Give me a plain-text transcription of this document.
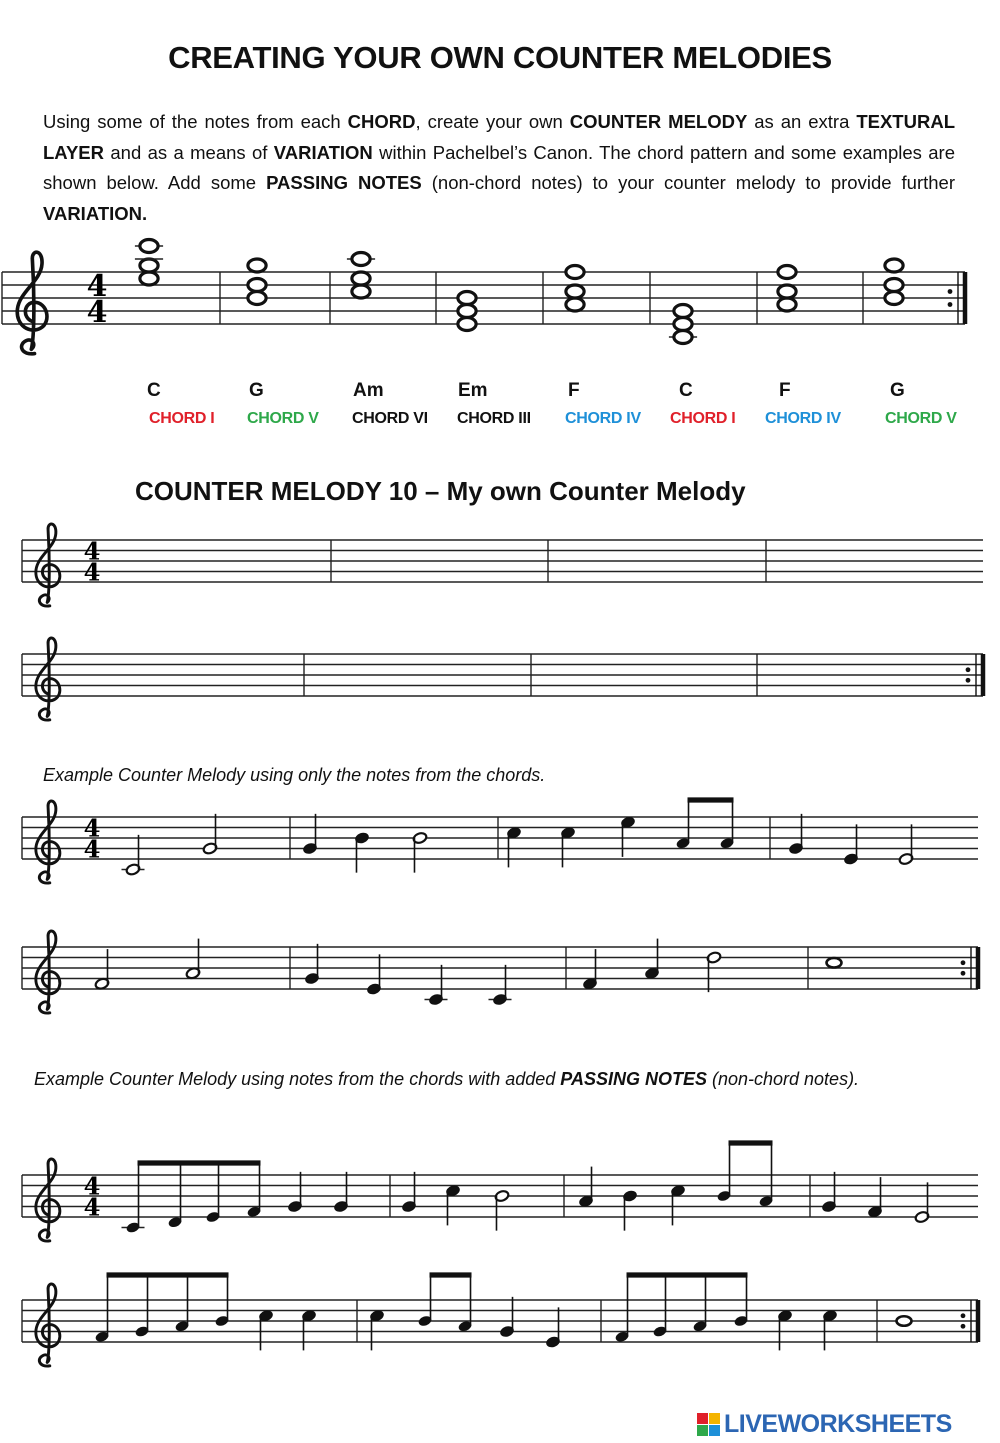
CREATING YOUR OWN COUNTER MELODIES

Using some of the notes from each CHORD, create your own COUNTER MELODY as an extra TEXTURAL LAYER and as a means of VARIATION within Pachelbel’s Canon. The chord pattern and some examples are shown below. Add some PASSING NOTES (non-chord notes) to your counter melody to provide further VARIATION.

C
CHORD I
G
CHORD V
Am
CHORD VI
Em
CHORD III
F
CHORD IV
C
CHORD I
F
CHORD IV
G
CHORD V
COUNTER MELODY 10 – My own Counter Melody
Example Counter Melody using only the notes from the chords.
Example Counter Melody using notes from the chords with added PASSING NOTES (non-chord notes).
4
4
4
4
4
4
4
4
LIVEWORKSHEETS
